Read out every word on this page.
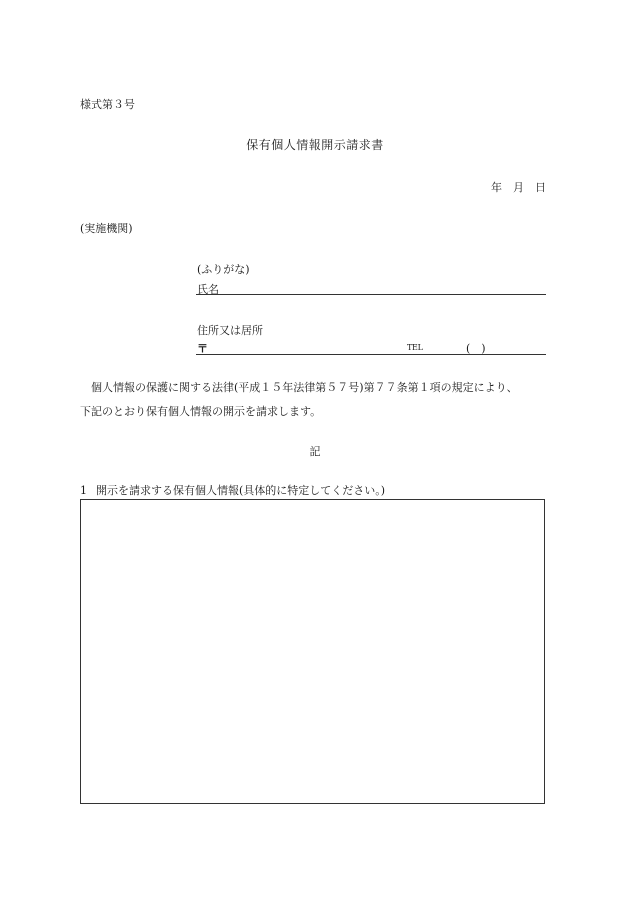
様式第３号
保有個人情報開示請求書
年　月　日
(実施機関)
(ふりがな)
氏名
住所又は居所
〒	TEL	(　)

個人情報の保護に関する法律(平成１５年法律第５７号)第７７条第１項の規定により、

下記のとおり保有個人情報の開示を請求します。

記
1 開示を請求する保有個人情報(具体的に特定してください。)
